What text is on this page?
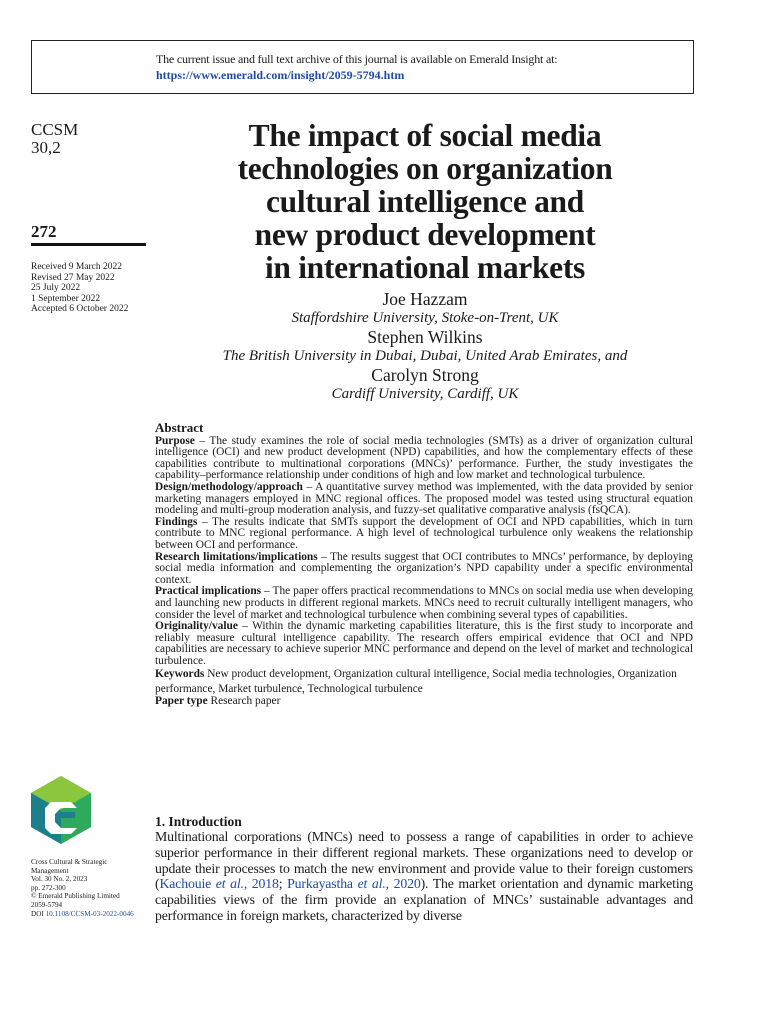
The current issue and full text archive of this journal is available on Emerald Insight at:
https://www.emerald.com/insight/2059-5794.htm
CCSM
30,2
272
Received 9 March 2022
Revised 27 May 2022
25 July 2022
1 September 2022
Accepted 6 October 2022
Cross Cultural & Strategic
Management
Vol. 30 No. 2, 2023
pp. 272-300
© Emerald Publishing Limited
2059-5794
DOI 10.1108/CCSM-03-2022-0046
The impact of social media
technologies on organization
cultural intelligence and
new product development
in international markets
Joe Hazzam
Staffordshire University, Stoke-on-Trent, UK
Stephen Wilkins
The British University in Dubai, Dubai, United Arab Emirates, and
Carolyn Strong
Cardiff University, Cardiff, UK
Abstract

Purpose – The study examines the role of social media technologies (SMTs) as a driver of organization cultural intelligence (OCI) and new product development (NPD) capabilities, and how the complementary effects of these capabilities contribute to multinational corporations (MNCs)’ performance. Further, the study investigates the capability–performance relationship under conditions of high and low market and technological turbulence.

Design/methodology/approach – A quantitative survey method was implemented, with the data provided by senior marketing managers employed in MNC regional offices. The proposed model was tested using structural equation modeling and multi-group moderation analysis, and fuzzy-set qualitative comparative analysis (fsQCA).

Findings – The results indicate that SMTs support the development of OCI and NPD capabilities, which in turn contribute to MNC regional performance. A high level of technological turbulence only weakens the relationship between OCI and performance.

Research limitations/implications – The results suggest that OCI contributes to MNCs’ performance, by deploying social media information and complementing the organization’s NPD capability under a specific environmental context.

Practical implications – The paper offers practical recommendations to MNCs on social media use when developing and launching new products in different regional markets. MNCs need to recruit culturally intelligent managers, who consider the level of market and technological turbulence when combining several types of capabilities.

Originality/value – Within the dynamic marketing capabilities literature, this is the first study to incorporate and reliably measure cultural intelligence capability. The research offers empirical evidence that OCI and NPD capabilities are necessary to achieve superior MNC performance and depend on the level of market and technological turbulence.

Keywords New product development, Organization cultural intelligence, Social media technologies, Organization performance, Market turbulence, Technological turbulence

Paper type Research paper

1. Introduction

Multinational corporations (MNCs) need to possess a range of capabilities in order to achieve superior performance in their different regional markets. These organizations need to develop or update their processes to match the new environment and provide value to their foreign customers (Kachouie et al., 2018; Purkayastha et al., 2020). The market orientation and dynamic marketing capabilities views of the firm provide an explanation of MNCs’ sustainable advantages and performance in foreign markets, characterized by diverse
